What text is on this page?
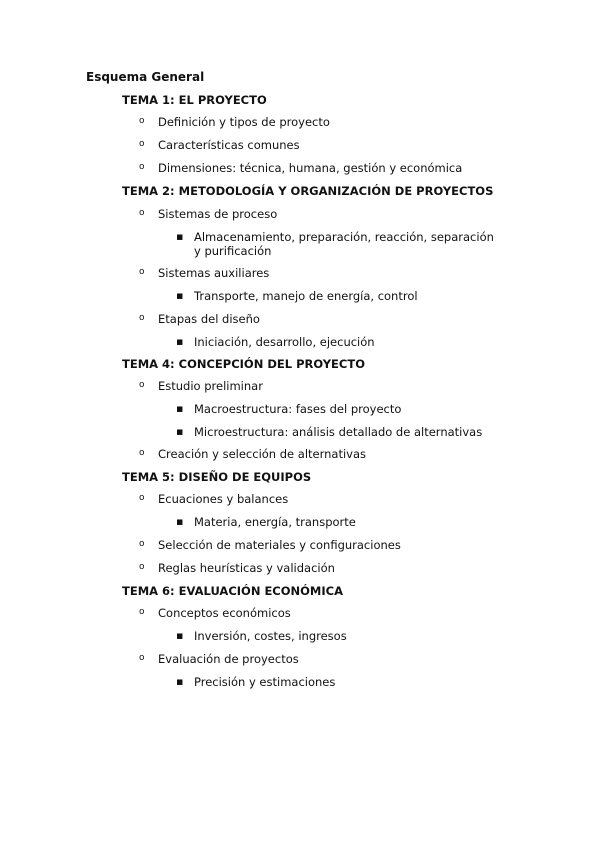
Esquema General
TEMA 1: EL PROYECTO
o Definición y tipos de proyecto
o Características comunes
o Dimensiones: técnica, humana, gestión y económica
TEMA 2: METODOLOGÍA Y ORGANIZACIÓN DE PROYECTOS
o Sistemas de proceso
▪ Almacenamiento, preparación, reacción, separación y purificación
o Sistemas auxiliares
▪ Transporte, manejo de energía, control
o Etapas del diseño
▪ Iniciación, desarrollo, ejecución
TEMA 4: CONCEPCIÓN DEL PROYECTO
o Estudio preliminar
▪ Macroestructura: fases del proyecto
▪ Microestructura: análisis detallado de alternativas
o Creación y selección de alternativas
TEMA 5: DISEÑO DE EQUIPOS
o Ecuaciones y balances
▪ Materia, energía, transporte
o Selección de materiales y configuraciones
o Reglas heurísticas y validación
TEMA 6: EVALUACIÓN ECONÓMICA
o Conceptos económicos
▪ Inversión, costes, ingresos
o Evaluación de proyectos
▪ Precisión y estimaciones
